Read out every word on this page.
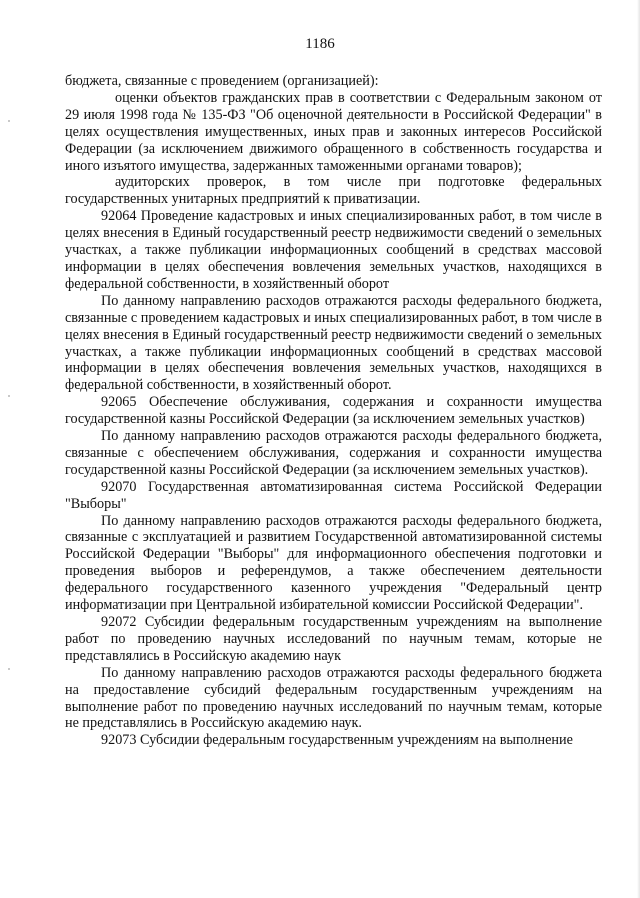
1186

бюджета, связанные с проведением (организацией):

оценки объектов гражданских прав в соответствии с Федеральным законом от 29 июля 1998 года № 135-ФЗ "Об оценочной деятельности в Российской Федерации" в целях осуществления имущественных, иных прав и законных интересов Российской Федерации (за исключением движимого обращенного в собственность государства и иного изъятого имущества, задержанных таможенными органами товаров);

аудиторских проверок, в том числе при подготовке федеральных государственных унитарных предприятий к приватизации.

92064 Проведение кадастровых и иных специализированных работ, в том числе в целях внесения в Единый государственный реестр недвижимости сведений о земельных участках, а также публикации информационных сообщений в средствах массовой информации в целях обеспечения вовлечения земельных участков, находящихся в федеральной собственности, в хозяйственный оборот

По данному направлению расходов отражаются расходы федерального бюджета, связанные с проведением кадастровых и иных специализированных работ, в том числе в целях внесения в Единый государственный реестр недвижимости сведений о земельных участках, а также публикации информационных сообщений в средствах массовой информации в целях обеспечения вовлечения земельных участков, находящихся в федеральной собственности, в хозяйственный оборот.

92065 Обеспечение обслуживания, содержания и сохранности имущества государственной казны Российской Федерации (за исключением земельных участков)

По данному направлению расходов отражаются расходы федерального бюджета, связанные с обеспечением обслуживания, содержания и сохранности имущества государственной казны Российской Федерации (за исключением земельных участков).

92070 Государственная автоматизированная система Российской Федерации "Выборы"

По данному направлению расходов отражаются расходы федерального бюджета, связанные с эксплуатацией и развитием Государственной автоматизированной системы Российской Федерации "Выборы" для информационного обеспечения подготовки и проведения выборов и референдумов, а также обеспечением деятельности федерального государственного казенного учреждения "Федеральный центр информатизации при Центральной избирательной комиссии Российской Федерации".

92072 Субсидии федеральным государственным учреждениям на выполнение работ по проведению научных исследований по научным темам, которые не представлялись в Российскую академию наук

По данному направлению расходов отражаются расходы федерального бюджета на предоставление субсидий федеральным государственным учреждениям на выполнение работ по проведению научных исследований по научным темам, которые не представлялись в Российскую академию наук.

92073 Субсидии федеральным государственным учреждениям на выполнение
